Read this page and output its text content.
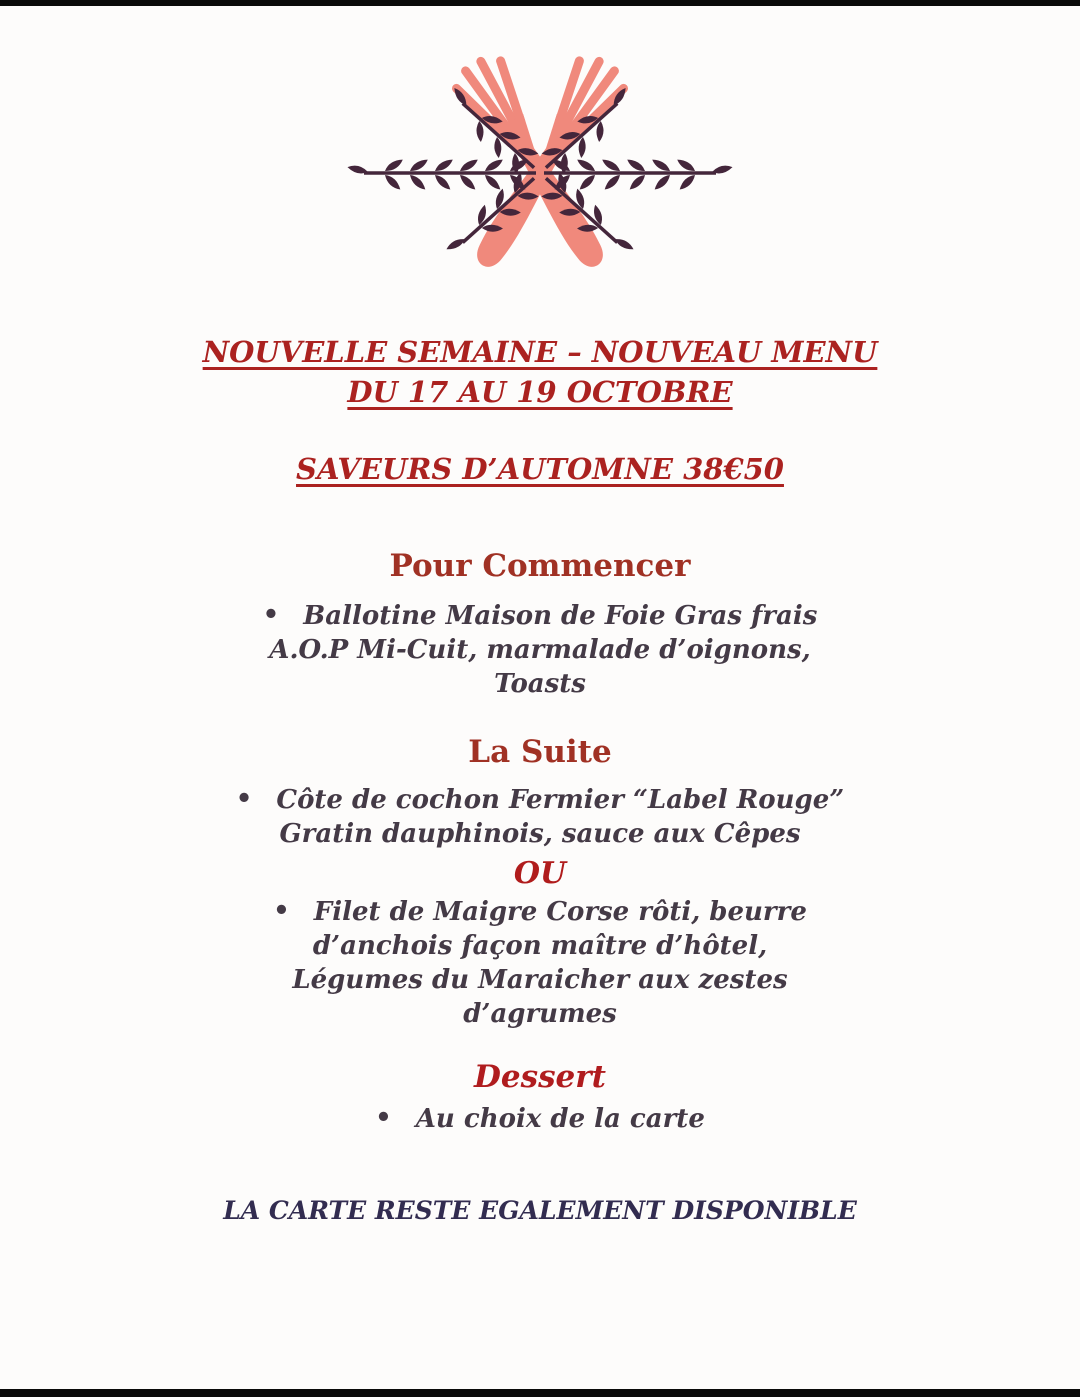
NOUVELLE SEMAINE – NOUVEAU MENU
DU 17 AU 19 OCTOBRE
SAVEURS D’AUTOMNE 38€50
Pour Commencer
• Ballotine Maison de Foie Gras frais
A.O.P Mi-Cuit, marmalade d’oignons,
Toasts
La Suite
• Côte de cochon Fermier “Label Rouge”
Gratin dauphinois, sauce aux Cêpes
OU
• Filet de Maigre Corse rôti, beurre
d’anchois façon maître d’hôtel,
Légumes du Maraicher aux zestes
d’agrumes
Dessert
• Au choix de la carte
LA CARTE RESTE EGALEMENT DISPONIBLE
